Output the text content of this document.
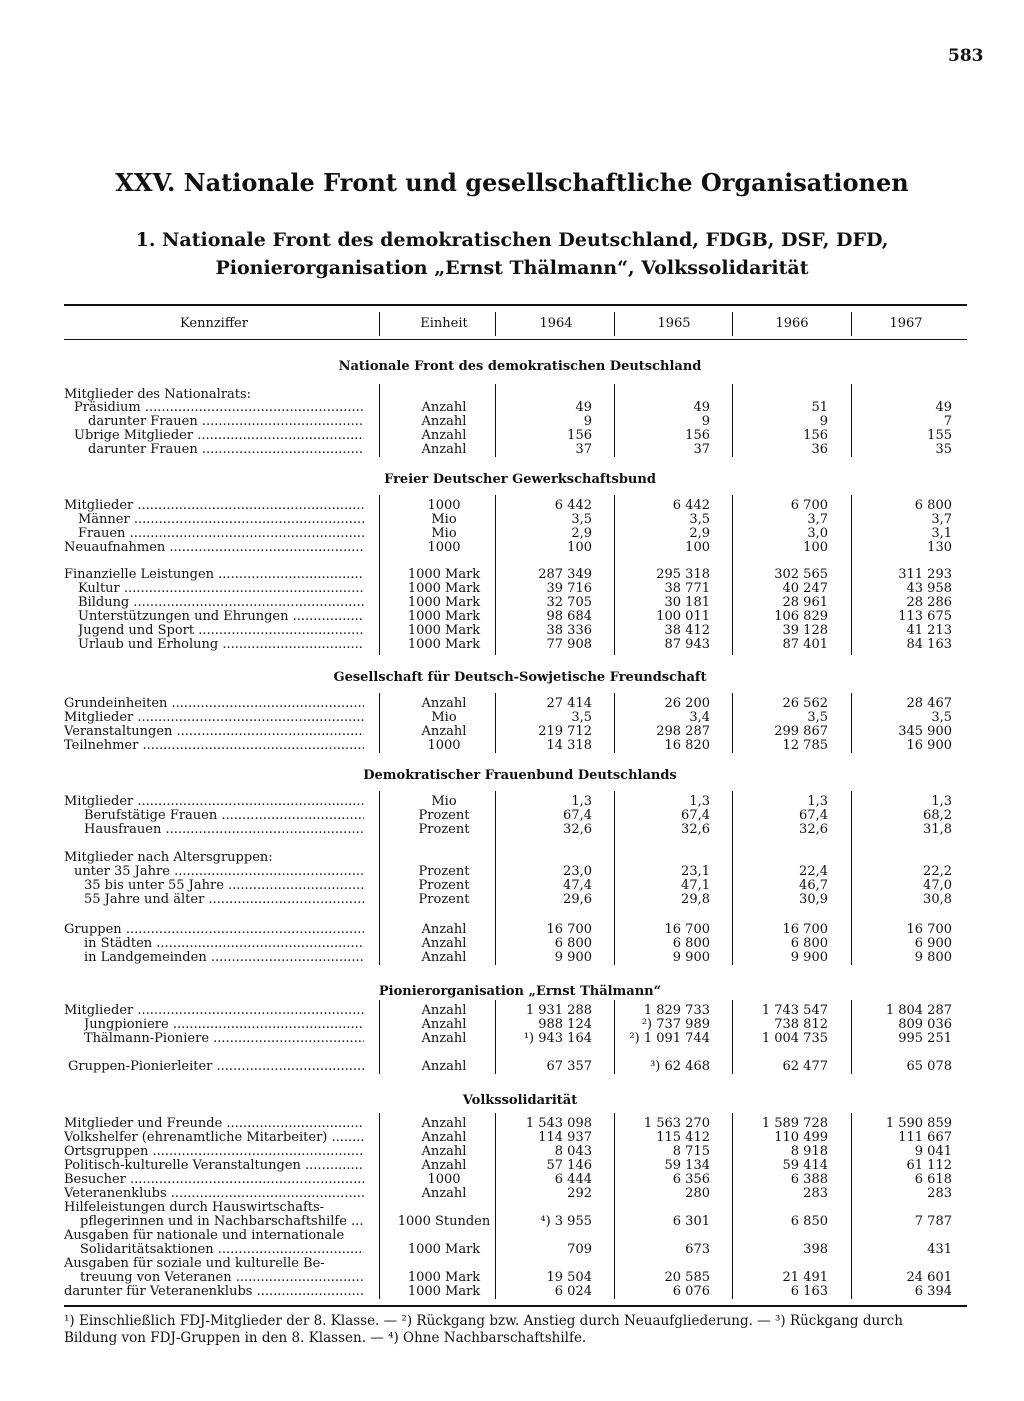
583
XXV. Nationale Front und gesellschaftliche Organisationen
1. Nationale Front des demokratischen Deutschland, FDGB, DSF, DFD,
Pionierorganisation „Ernst Thälmann“, Volkssolidarität
Kennziffer	Einheit	1964	1965	1966	1967
Nationale Front des demokratischen Deutschland
Mitglieder des Nationalrats:
Präsidium .....	Anzahl	49	49	51	49
darunter Frauen .....	Anzahl	9	9	9	7
Übrige Mitglieder .....	Anzahl	156	156	156	155
darunter Frauen .....	Anzahl	37	37	36	35
Freier Deutscher Gewerkschaftsbund
Mitglieder .....	1000	6 442	6 442	6 700	6 800
Männer .....	Mio	3,5	3,5	3,7	3,7
Frauen .....	Mio	2,9	2,9	3,0	3,1
Neuaufnahmen .....	1000	100	100	100	130
Finanzielle Leistungen .....	1000 Mark	287 349	295 318	302 565	311 293
Kultur .....	1000 Mark	39 716	38 771	40 247	43 958
Bildung .....	1000 Mark	32 705	30 181	28 961	28 286
Unterstützungen und Ehrungen .....	1000 Mark	98 684	100 011	106 829	113 675
Jugend und Sport .....	1000 Mark	38 336	38 412	39 128	41 213
Urlaub und Erholung .....	1000 Mark	77 908	87 943	87 401	84 163
Gesellschaft für Deutsch-Sowjetische Freundschaft
Grundeinheiten .....	Anzahl	27 414	26 200	26 562	28 467
Mitglieder .....	Mio	3,5	3,4	3,5	3,5
Veranstaltungen .....	Anzahl	219 712	298 287	299 867	345 900
Teilnehmer .....	1000	14 318	16 820	12 785	16 900
Demokratischer Frauenbund Deutschlands
Mitglieder .....	Mio	1,3	1,3	1,3	1,3
Berufstätige Frauen .....	Prozent	67,4	67,4	67,4	68,2
Hausfrauen .....	Prozent	32,6	32,6	32,6	31,8
Mitglieder nach Altersgruppen:
unter 35 Jahre .....	Prozent	23,0	23,1	22,4	22,2
35 bis unter 55 Jahre .....	Prozent	47,4	47,1	46,7	47,0
55 Jahre und älter .....	Prozent	29,6	29,8	30,9	30,8
Gruppen .....	Anzahl	16 700	16 700	16 700	16 700
in Städten .....	Anzahl	6 800	6 800	6 800	6 900
in Landgemeinden .....	Anzahl	9 900	9 900	9 900	9 800
Pionierorganisation „Ernst Thälmann“
Mitglieder .....	Anzahl	1 931 288	1 829 733	1 743 547	1 804 287
Jungpioniere .....	Anzahl	988 124	²) 737 989	738 812	809 036
Thälmann-Pioniere .....	Anzahl	¹) 943 164	²) 1 091 744	1 004 735	995 251
Gruppen-Pionierleiter .....	Anzahl	67 357	³) 62 468	62 477	65 078
Volkssolidarität
Mitglieder und Freunde .....	Anzahl	1 543 098	1 563 270	1 589 728	1 590 859
Volkshelfer (ehrenamtliche Mitarbeiter) .....	Anzahl	114 937	115 412	110 499	111 667
Ortsgruppen .....	Anzahl	8 043	8 715	8 918	9 041
Politisch-kulturelle Veranstaltungen .....	Anzahl	57 146	59 134	59 414	61 112
Besucher .....	1000	6 444	6 356	6 388	6 618
Veteranenklubs .....	Anzahl	292	280	283	283
Hilfeleistungen durch Hauswirtschafts-
pflegerinnen und in Nachbarschaftshilfe .....	1000 Stunden	⁴) 3 955	6 301	6 850	7 787
Ausgaben für nationale und internationale
Solidaritätsaktionen .....	1000 Mark	709	673	398	431
Ausgaben für soziale und kulturelle Be-
treuung von Veteranen .....	1000 Mark	19 504	20 585	21 491	24 601
darunter für Veteranenklubs .....	1000 Mark	6 024	6 076	6 163	6 394

¹) Einschließlich FDJ-Mitglieder der 8. Klasse. — ²) Rückgang bzw. Anstieg durch Neuaufgliederung. — ³) Rückgang durch

Bildung von FDJ-Gruppen in den 8. Klassen. — ⁴) Ohne Nachbarschaftshilfe.
